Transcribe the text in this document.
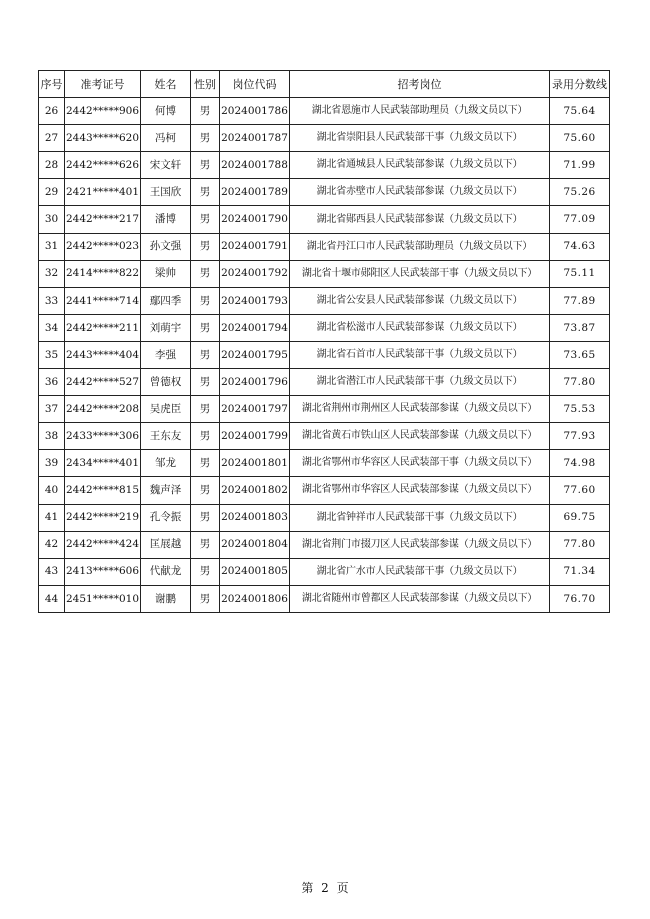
序号	准考证号	姓名	性别	岗位代码	招考岗位	录用分数线
26	2442*****906	何博	男	2024001786	湖北省恩施市人民武装部助理员（九级文员以下）	75.64
27	2443*****620	冯柯	男	2024001787	湖北省崇阳县人民武装部干事（九级文员以下）	75.60
28	2442*****626	宋文轩	男	2024001788	湖北省通城县人民武装部参谋（九级文员以下）	71.99
29	2421*****401	王国欣	男	2024001789	湖北省赤壁市人民武装部参谋（九级文员以下）	75.26
30	2442*****217	潘博	男	2024001790	湖北省郧西县人民武装部参谋（九级文员以下）	77.09
31	2442*****023	孙文强	男	2024001791	湖北省丹江口市人民武装部助理员（九级文员以下）	74.63
32	2414*****822	梁帅	男	2024001792	湖北省十堰市郧阳区人民武装部干事（九级文员以下）	75.11
33	2441*****714	鄢四季	男	2024001793	湖北省公安县人民武装部参谋（九级文员以下）	77.89
34	2442*****211	刘萌宇	男	2024001794	湖北省松滋市人民武装部参谋（九级文员以下）	73.87
35	2443*****404	李强	男	2024001795	湖北省石首市人民武装部干事（九级文员以下）	73.65
36	2442*****527	曾德权	男	2024001796	湖北省潜江市人民武装部干事（九级文员以下）	77.80
37	2442*****208	吴虎臣	男	2024001797	湖北省荆州市荆州区人民武装部参谋（九级文员以下）	75.53
38	2433*****306	王东友	男	2024001799	湖北省黄石市铁山区人民武装部参谋（九级文员以下）	77.93
39	2434*****401	邹龙	男	2024001801	湖北省鄂州市华容区人民武装部干事（九级文员以下）	74.98
40	2442*****815	魏声泽	男	2024001802	湖北省鄂州市华容区人民武装部参谋（九级文员以下）	77.60
41	2442*****219	孔令振	男	2024001803	湖北省钟祥市人民武装部干事（九级文员以下）	69.75
42	2442*****424	匡展越	男	2024001804	湖北省荆门市掇刀区人民武装部参谋（九级文员以下）	77.80
43	2413*****606	代献龙	男	2024001805	湖北省广水市人民武装部干事（九级文员以下）	71.34
44	2451*****010	谢鹏	男	2024001806	湖北省随州市曾都区人民武装部参谋（九级文员以下）	76.70
第 2 页
